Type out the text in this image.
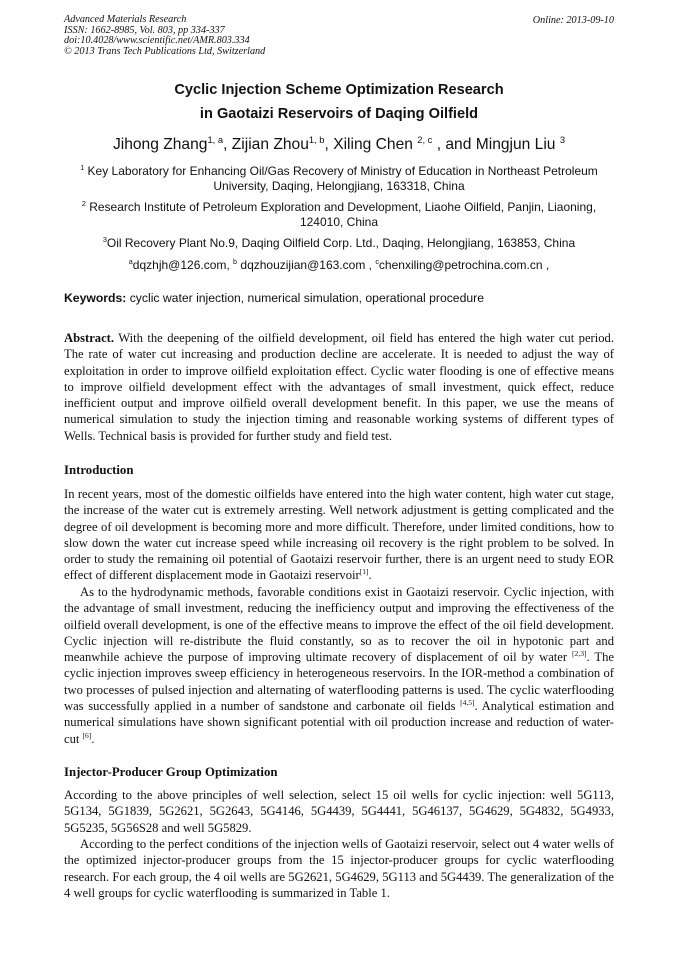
Advanced Materials Research
ISSN: 1662-8985, Vol. 803, pp 334-337
doi:10.4028/www.scientific.net/AMR.803.334
© 2013 Trans Tech Publications Ltd, Switzerland
Online: 2013-09-10
Cyclic Injection Scheme Optimization Research
in Gaotaizi Reservoirs of Daqing Oilfield
Jihong Zhang$^{1, a}$, Zijian Zhou$^{1, b}$, Xiling Chen $^{2, c}$ , and Mingjun Liu $^3$
$^1$ Key Laboratory for Enhancing Oil/Gas Recovery of Ministry of Education in Northeast Petroleum University, Daqing, Helongjiang, 163318, China
$^2$ Research Institute of Petroleum Exploration and Development, Liaohe Oilfield, Panjin, Liaoning, 124010, China
$^3$Oil Recovery Plant No.9, Daqing Oilfield Corp. Ltd., Daqing, Helongjiang, 163853, China
$^a$dqzhjh@126.com, $^b$ dqzhouzijian@163.com , $^c$chenxiling@petrochina.com.cn ,
Keywords: cyclic water injection, numerical simulation, operational procedure
Abstract. With the deepening of the oilfield development, oil field has entered the high water cut period. The rate of water cut increasing and production decline are accelerate. It is needed to adjust the way of exploitation in order to improve oilfield exploitation effect. Cyclic water flooding is one of effective means to improve oilfield development effect with the advantages of small investment, quick effect, reduce inefficient output and improve oilfield overall development benefit. In this paper, we use the means of numerical simulation to study the injection timing and reasonable working systems of different types of Wells. Technical basis is provided for further study and field test.
Introduction
In recent years, most of the domestic oilfields have entered into the high water content, high water cut stage, the increase of the water cut is extremely arresting. Well network adjustment is getting complicated and the degree of oil development is becoming more and more difficult. Therefore, under limited conditions, how to slow down the water cut increase speed while increasing oil recovery is the right problem to be solved. In order to study the remaining oil potential of Gaotaizi reservoir further, there is an urgent need to study EOR effect of different displacement mode in Gaotaizi reservoir[1].
As to the hydrodynamic methods, favorable conditions exist in Gaotaizi reservoir. Cyclic injection, with the advantage of small investment, reducing the inefficiency output and improving the effectiveness of the oilfield overall development, is one of the effective means to improve the effect of the oil field development. Cyclic injection will re-distribute the fluid constantly, so as to recover the oil in hypotonic part and meanwhile achieve the purpose of improving ultimate recovery of displacement of oil by water [2,3]. The cyclic injection improves sweep efficiency in heterogeneous reservoirs. In the IOR-method a combination of two processes of pulsed injection and alternating of waterflooding patterns is used. The cyclic waterflooding was successfully applied in a number of sandstone and carbonate oil fields [4,5]. Analytical estimation and numerical simulations have shown significant potential with oil production increase and reduction of water-cut [6].
Injector-Producer Group Optimization
According to the above principles of well selection, select 15 oil wells for cyclic injection: well 5G113, 5G134, 5G1839, 5G2621, 5G2643, 5G4146, 5G4439, 5G4441, 5G46137, 5G4629, 5G4832, 5G4933, 5G5235, 5G56S28 and well 5G5829.
According to the perfect conditions of the injection wells of Gaotaizi reservoir, select out 4 water wells of the optimized injector-producer groups from the 15 injector-producer groups for cyclic waterflooding research. For each group, the 4 oil wells are 5G2621, 5G4629, 5G113 and 5G4439. The generalization of the 4 well groups for cyclic waterflooding is summarized in Table 1.
